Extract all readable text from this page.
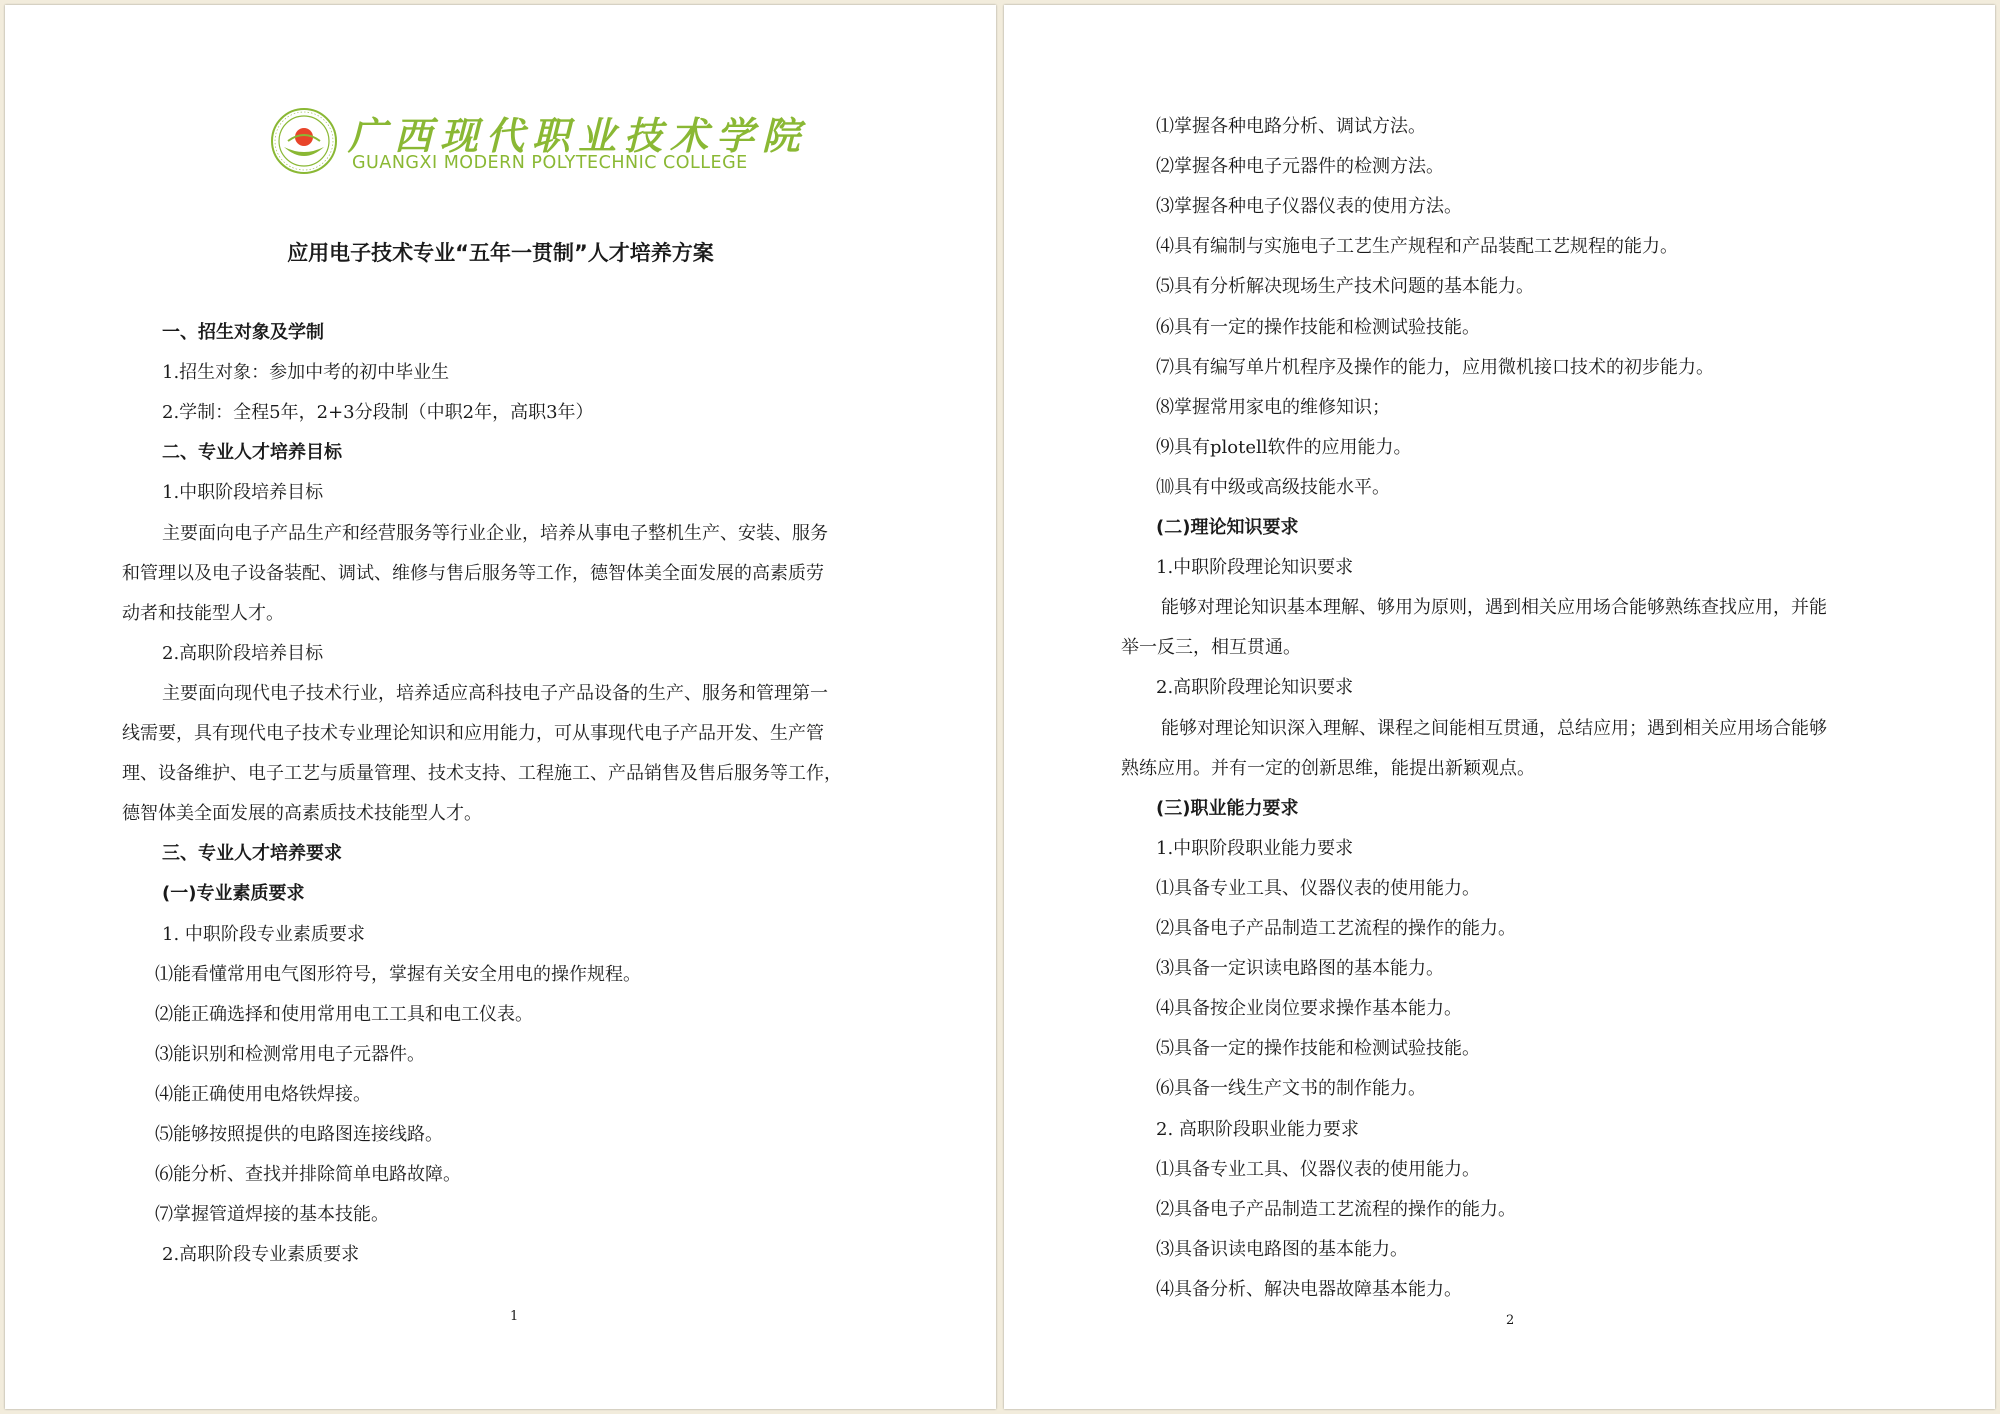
广西现代职业技术学院
GUANGXI MODERN POLYTECHNIC COLLEGE
应用电子技术专业“五年一贯制”人才培养方案
一、招生对象及学制
1.招生对象：参加中考的初中毕业生
2.学制：全程5年，2+3分段制（中职2年，高职3年）
二、专业人才培养目标
1.中职阶段培养目标
主要面向电子产品生产和经营服务等行业企业，培养从事电子整机生产、安装、服务
和管理以及电子设备装配、调试、维修与售后服务等工作，德智体美全面发展的高素质劳
动者和技能型人才。
2.高职阶段培养目标
主要面向现代电子技术行业，培养适应高科技电子产品设备的生产、服务和管理第一
线需要，具有现代电子技术专业理论知识和应用能力，可从事现代电子产品开发、生产管
理、设备维护、电子工艺与质量管理、技术支持、工程施工、产品销售及售后服务等工作，
德智体美全面发展的高素质技术技能型人才。
三、专业人才培养要求
(一)专业素质要求
1. 中职阶段专业素质要求
⑴能看懂常用电气图形符号，掌握有关安全用电的操作规程。
⑵能正确选择和使用常用电工工具和电工仪表。
⑶能识别和检测常用电子元器件。
⑷能正确使用电烙铁焊接。
⑸能够按照提供的电路图连接线路。
⑹能分析、查找并排除简单电路故障。
⑺掌握管道焊接的基本技能。
2.高职阶段专业素质要求
1
⑴掌握各种电路分析、调试方法。
⑵掌握各种电子元器件的检测方法。
⑶掌握各种电子仪器仪表的使用方法。
⑷具有编制与实施电子工艺生产规程和产品装配工艺规程的能力。
⑸具有分析解决现场生产技术问题的基本能力。
⑹具有一定的操作技能和检测试验技能。
⑺具有编写单片机程序及操作的能力，应用微机接口技术的初步能力。
⑻掌握常用家电的维修知识；
⑼具有plotell软件的应用能力。
⑽具有中级或高级技能水平。
(二)理论知识要求
1.中职阶段理论知识要求
能够对理论知识基本理解、够用为原则，遇到相关应用场合能够熟练查找应用，并能
举一反三，相互贯通。
2.高职阶段理论知识要求
能够对理论知识深入理解、课程之间能相互贯通，总结应用；遇到相关应用场合能够
熟练应用。并有一定的创新思维，能提出新颖观点。
(三)职业能力要求
1.中职阶段职业能力要求
⑴具备专业工具、仪器仪表的使用能力。
⑵具备电子产品制造工艺流程的操作的能力。
⑶具备一定识读电路图的基本能力。
⑷具备按企业岗位要求操作基本能力。
⑸具备一定的操作技能和检测试验技能。
⑹具备一线生产文书的制作能力。
2. 高职阶段职业能力要求
⑴具备专业工具、仪器仪表的使用能力。
⑵具备电子产品制造工艺流程的操作的能力。
⑶具备识读电路图的基本能力。
⑷具备分析、解决电器故障基本能力。
2
